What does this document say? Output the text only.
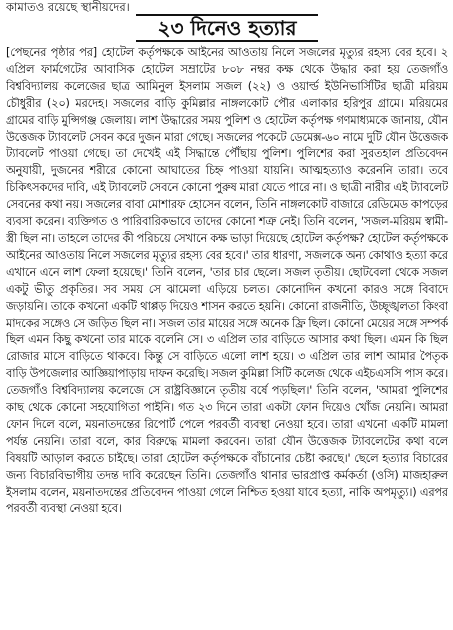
কামাতও রয়েছে স্থানীয়দের।

২৩ দিনেও হত্যার

[পেছনের পৃষ্ঠার পর] হোটেল কর্তৃপক্ষকে আইনের আওতায় নিলে সজলের মৃত্যুর রহস্য বের হবে। ২ এপ্রিল ফার্মগেটের আবাসিক হোটেল সম্রাটের ৮০৮ নম্বর কক্ষ থেকে উদ্ধার করা হয় তেজগাঁও বিশ্ববিদ্যালয় কলেজের ছাত্র আমিনুল ইসলাম সজল (২২) ও ওয়ার্ল্ড ইউনিভার্সিটির ছাত্রী মরিয়ম চৌধুরীর (২০) মরদেহ। সজলের বাড়ি কুমিল্লার নাঙ্গলকোট পৌর এলাকার হরিপুর গ্রামে। মরিয়মের গ্রামের বাড়ি মুন্সিগঞ্জ জেলায়। লাশ উদ্ধারের সময় পুলিশ ও হোটেল কর্তৃপক্ষ গণমাধ্যমকে জানায়, যৌন উত্তেজক ট্যাবলেট সেবন করে দুজন মারা গেছে। সজলের পকেটে ডেমেক্স-৬০ নামে দুটি যৌন উত্তেজক ট্যাবলেট পাওয়া গেছে। তা দেখেই এই সিদ্ধান্তে পৌঁছায় পুলিশ। পুলিশের করা সুরতহাল প্রতিবেদন অনুযায়ী, দুজনের শরীরে কোনো আঘাতের চিহ্ন পাওয়া যায়নি। আত্মহত্যাও করেননি তারা। তবে চিকিৎসকদের দাবি, এই ট্যাবলেট সেবনে কোনো পুরুষ মারা যেতে পারে না। ও ছাত্রী নারীর এই ট্যাবলেট সেবনের কথা নয়। সজলের বাবা মোশারফ হোসেন বলেন, তিনি নাঙ্গলকোট বাজারে রেডিমেড কাপড়ের ব্যবসা করেন। ব্যক্তিগত ও পারিবারিকভাবে তাদের কোনো শত্রু নেই। তিনি বলেন, 'সজল-মরিয়ম স্বামী-স্ত্রী ছিল না। তাহলে তাদের কী পরিচয়ে সেখানে কক্ষ ভাড়া দিয়েছে হোটেল কর্তৃপক্ষ? হোটেল কর্তৃপক্ষকে আইনের আওতায় নিলে সজলের মৃত্যুর রহস্য বের হবে।' তার ধারণা, সজলকে অন্য কোথাও হত্যা করে এখানে এনে লাশ ফেলা হয়েছে।' তিনি বলেন, 'তার চার ছেলে। সজল তৃতীয়। ছোটবেলা থেকে সজল একটু ভীতু প্রকৃতির। সব সময় সে ঝামেলা এড়িয়ে চলত। কোনোদিন কখনো কারও সঙ্গে বিবাদে জড়ায়নি। তাকে কখনো একটি থাপ্পড় দিয়েও শাসন করতে হয়নি। কোনো রাজনীতি, উচ্ছৃঙ্খলতা কিংবা মাদকের সঙ্গেও সে জড়িত ছিল না। সজল তার মায়ের সঙ্গে অনেক ফ্রি ছিল। কোনো মেয়ের সঙ্গে সম্পর্ক ছিল এমন কিছু কখনো তার মাকে বলেনি সে। ৩ এপ্রিল তার বাড়িতে আসার কথা ছিল। এমন কি ছিল রোজার মাসে বাড়িতে থাকবে। কিন্তু সে বাড়িতে এলো লাশ হয়ে। ৩ এপ্রিল তার লাশ আমার পৈতৃক বাড়ি উপজেলার আজ্ঞিয়াপাড়ায় দাফন করেছি। সজল কুমিল্লা সিটি কলেজ থেকে এইচএসসি পাস করে। তেজগাঁও বিশ্ববিদ্যালয় কলেজে সে রাষ্ট্রবিজ্ঞানে তৃতীয় বর্ষে পড়ছিল।' তিনি বলেন, 'আমরা পুলিশের কাছ থেকে কোনো সহযোগিতা পাইনি। গত ২৩ দিনে তারা একটা ফোন দিয়েও খোঁজ নেয়নি। আমরা ফোন দিলে বলে, ময়নাতদন্তের রিপোর্ট পেলে পরবর্তী ব্যবস্থা নেওয়া হবে। তারা এখনো একটি মামলা পর্যন্ত নেয়নি। তারা বলে, কার বিরুদ্ধে মামলা করবেন। তারা যৌন উত্তেজক ট্যাবলেটের কথা বলে বিষয়টি আড়াল করতে চাইছে। তারা হোটেল কর্তৃপক্ষকে বাঁচানোর চেষ্টা করছে।' ছেলে হত্যার বিচারের জন্য বিচারবিভাগীয় তদন্ত দাবি করেছেন তিনি। তেজগাঁও থানার ভারপ্রাপ্ত কর্মকর্তা (ওসি) মাজহারুল ইসলাম বলেন, ময়নাতদন্তের প্রতিবেদন পাওয়া গেলে নিশ্চিত হওয়া যাবে হত্যা, নাকি অপমৃত্যু।) এরপর পরবর্তী ব্যবস্থা নেওয়া হবে।
